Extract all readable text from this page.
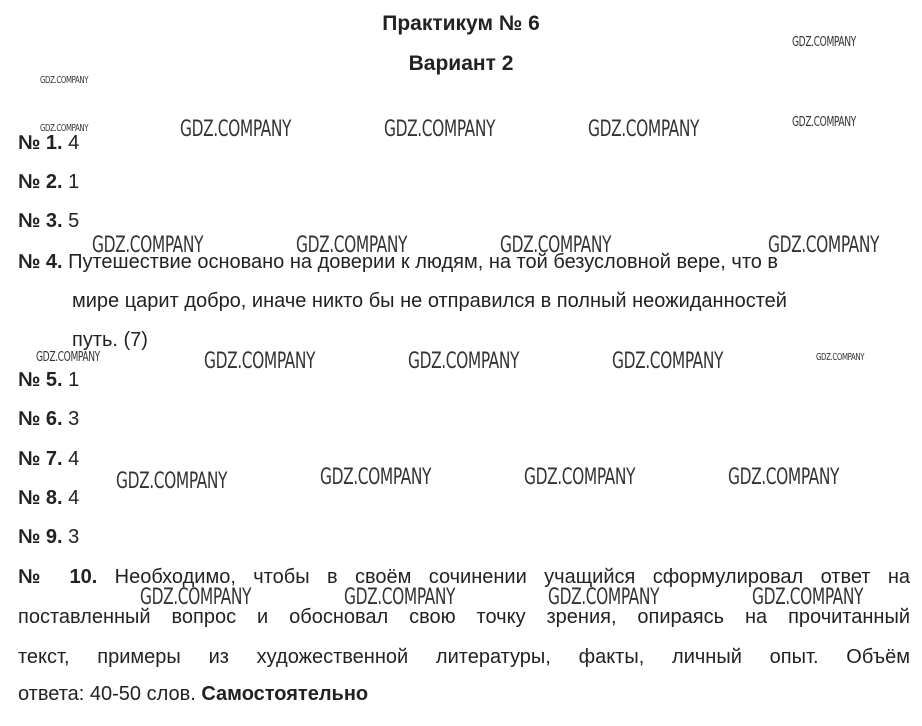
Практикум № 6
Вариант 2
№ 1. 4
№ 2. 1
№ 3. 5
№ 4. Путешествие основано на доверии к людям, на той безусловной вере, что в
мире царит добро, иначе никто бы не отправился в полный неожиданностей
путь. (7)
№ 5. 1
№ 6. 3
№ 7. 4
№ 8. 4
№ 9. 3
№ 10. Необходимо, чтобы в своём сочинении учащийся сформулировал ответ на
поставленный вопрос и обосновал свою точку зрения, опираясь на прочитанный
текст, примеры из художественной литературы, факты, личный опыт. Объём
ответа: 40-50 слов. Самостоятельно
GDZ.COMPANY
GDZ.COMPANY
GDZ.COMPANY	GDZ.COMPANY	GDZ.COMPANY	GDZ.COMPANY	GDZ.COMPANY
GDZ.COMPANY	GDZ.COMPANY	GDZ.COMPANY	GDZ.COMPANY
GDZ.COMPANY	GDZ.COMPANY	GDZ.COMPANY	GDZ.COMPANY	GDZ.COMPANY
GDZ.COMPANY	GDZ.COMPANY	GDZ.COMPANY	GDZ.COMPANY
GDZ.COMPANY	GDZ.COMPANY	GDZ.COMPANY	GDZ.COMPANY
